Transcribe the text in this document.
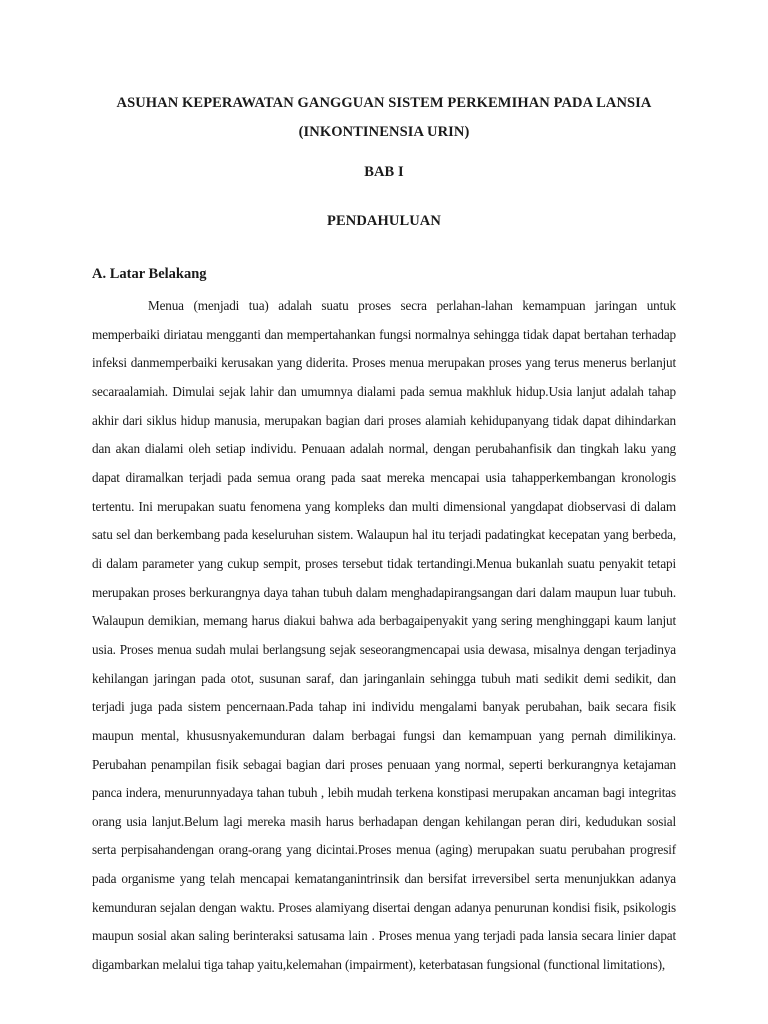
ASUHAN KEPERAWATAN GANGGUAN SISTEM PERKEMIHAN PADA LANSIA
(INKONTINENSIA URIN)
BAB I
PENDAHULUAN
A. Latar Belakang

Menua (menjadi tua) adalah suatu proses secra perlahan-lahan kemampuan jaringan untuk memperbaiki diriatau mengganti dan mempertahankan fungsi normalnya sehingga tidak dapat bertahan terhadap infeksi danmemperbaiki kerusakan yang diderita. Proses menua merupakan proses yang terus menerus berlanjut secaraalamiah. Dimulai sejak lahir dan umumnya dialami pada semua makhluk hidup.Usia lanjut adalah tahap akhir dari siklus hidup manusia, merupakan bagian dari proses alamiah kehidupanyang tidak dapat dihindarkan dan akan dialami oleh setiap individu. Penuaan adalah normal, dengan perubahanfisik dan tingkah laku yang dapat diramalkan terjadi pada semua orang pada saat mereka mencapai usia tahapperkembangan kronologis tertentu. Ini merupakan suatu fenomena yang kompleks dan multi dimensional yangdapat diobservasi di dalam satu sel dan berkembang pada keseluruhan sistem. Walaupun hal itu terjadi padatingkat kecepatan yang berbeda, di dalam parameter yang cukup sempit, proses tersebut tidak tertandingi.Menua bukanlah suatu penyakit tetapi merupakan proses berkurangnya daya tahan tubuh dalam menghadapirangsangan dari dalam maupun luar tubuh. Walaupun demikian, memang harus diakui bahwa ada berbagaipenyakit yang sering menghinggapi kaum lanjut usia. Proses menua sudah mulai berlangsung sejak seseorangmencapai usia dewasa, misalnya dengan terjadinya kehilangan jaringan pada otot, susunan saraf, dan jaringanlain sehingga tubuh mati sedikit demi sedikit, dan terjadi juga pada sistem pencernaan.Pada tahap ini individu mengalami banyak perubahan, baik secara fisik maupun mental, khususnyakemunduran dalam berbagai fungsi dan kemampuan yang pernah dimilikinya. Perubahan penampilan fisik sebagai bagian dari proses penuaan yang normal, seperti berkurangnya ketajaman panca indera, menurunnyadaya tahan tubuh , lebih mudah terkena konstipasi merupakan ancaman bagi integritas orang usia lanjut.Belum lagi mereka masih harus berhadapan dengan kehilangan peran diri, kedudukan sosial serta perpisahandengan orang-orang yang dicintai.Proses menua (aging) merupakan suatu perubahan progresif pada organisme yang telah mencapai kematanganintrinsik dan bersifat irreversibel serta menunjukkan adanya kemunduran sejalan dengan waktu. Proses alamiyang disertai dengan adanya penurunan kondisi fisik, psikologis maupun sosial akan saling berinteraksi satusama lain . Proses menua yang terjadi pada lansia secara linier dapat digambarkan melalui tiga tahap yaitu,kelemahan (impairment), keterbatasan fungsional (functional limitations),
